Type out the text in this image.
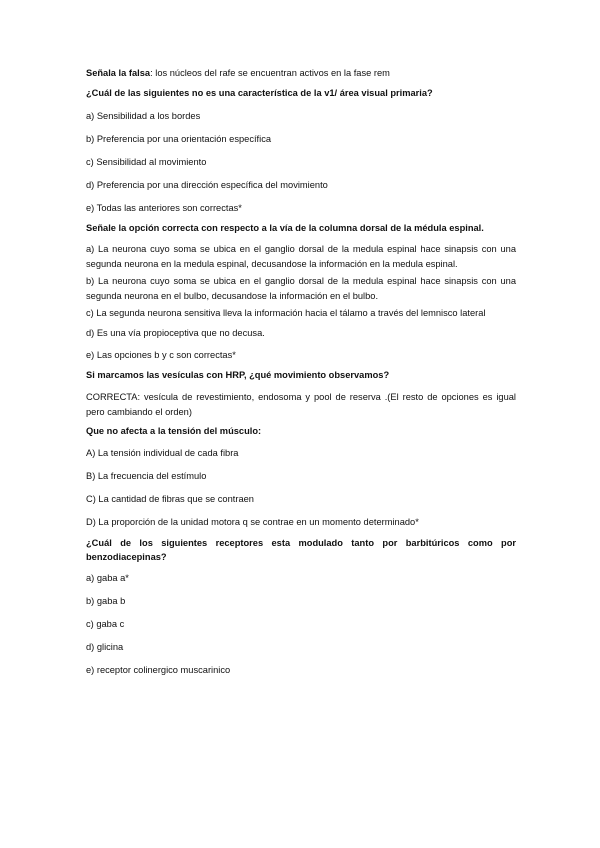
Señala la falsa: los núcleos del rafe se encuentran activos en la fase rem

¿Cuál de las siguientes no es una característica de la v1/ área visual primaria?

a) Sensibilidad a los bordes

b) Preferencia por una orientación específica

c) Sensibilidad al movimiento

d) Preferencia por una dirección específica del movimiento

e) Todas las anteriores son correctas*

Señale la opción correcta con respecto a la vía de la columna dorsal de la médula espinal.

a) La neurona cuyo soma se ubica en el ganglio dorsal de la medula espinal hace sinapsis con una segunda neurona en la medula espinal, decusandose la información en la medula espinal.

b) La neurona cuyo soma se ubica en el ganglio dorsal de la medula espinal hace sinapsis con una segunda neurona en el bulbo, decusandose la información en el bulbo.

c) La segunda neurona sensitiva lleva la información hacia el tálamo a través del lemnisco lateral

d) Es una vía propioceptiva que no decusa.

e) Las opciones b y c son correctas*

Si marcamos las vesículas con HRP, ¿qué movimiento observamos?

CORRECTA: vesícula de revestimiento, endosoma y pool de reserva .(El resto de opciones es igual pero cambiando el orden)

Que no afecta a la tensión del músculo:

A) La tensión individual de cada fibra

B) La frecuencia del estímulo

C) La cantidad de fibras que se contraen

D) La proporción de la unidad motora q se contrae en un momento determinado*

¿Cuál de los siguientes receptores esta modulado tanto por barbitúricos como por benzodiacepinas?

a) gaba a*

b) gaba b

c) gaba c

d) glicina

e) receptor colinergico muscarinico
